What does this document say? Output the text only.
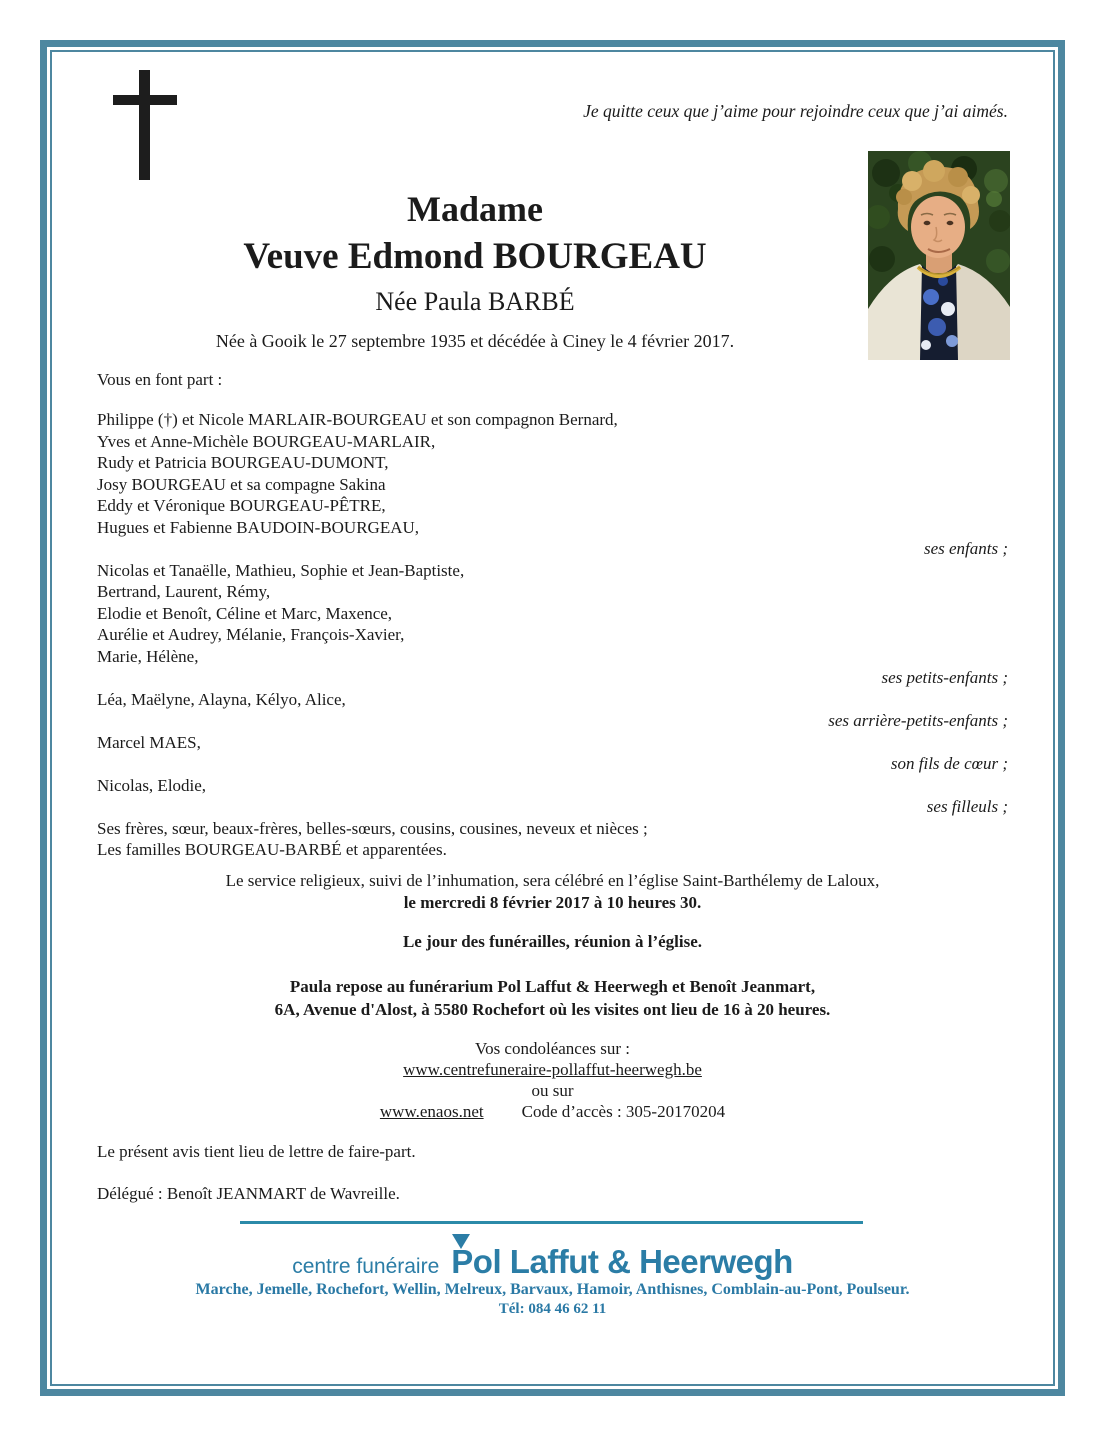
Je quitte ceux que j’aime pour rejoindre ceux que j’ai aimés.
Madame
Veuve Edmond BOURGEAU
Née Paula BARBÉ
Née à Gooik le 27 septembre 1935 et décédée à Ciney le 4 février 2017.
Vous en font part :
Philippe (†) et Nicole MARLAIR-BOURGEAU et son compagnon Bernard,
Yves et Anne-Michèle BOURGEAU-MARLAIR,
Rudy et Patricia BOURGEAU-DUMONT,
Josy BOURGEAU et sa compagne Sakina
Eddy et Véronique BOURGEAU-PÊTRE,
Hugues et Fabienne BAUDOIN-BOURGEAU,
ses enfants ;
Nicolas et Tanaëlle, Mathieu, Sophie et Jean-Baptiste,
Bertrand, Laurent, Rémy,
Elodie et Benoît, Céline et Marc, Maxence,
Aurélie et Audrey, Mélanie, François-Xavier,
Marie, Hélène,
ses petits-enfants ;
Léa, Maëlyne, Alayna, Kélyo, Alice,
ses arrière-petits-enfants ;
Marcel MAES,
son fils de cœur ;
Nicolas, Elodie,
ses filleuls ;
Ses frères, sœur, beaux-frères, belles-sœurs, cousins, cousines, neveux et nièces ;
Les familles BOURGEAU-BARBÉ et apparentées.
Le service religieux, suivi de l’inhumation, sera célébré en l’église Saint-Barthélemy de Laloux,
le mercredi 8 février 2017 à 10 heures 30.
Le jour des funérailles, réunion à l’église.
Paula repose au funérarium Pol Laffut & Heerwegh et Benoît Jeanmart,
6A, Avenue d'Alost, à 5580 Rochefort où les visites ont lieu de 16 à 20 heures.
Vos condoléances sur :
www.centrefuneraire-pollaffut-heerwegh.be
ou sur
www.enaos.net Code d’accès : 305-20170204
Le présent avis tient lieu de lettre de faire-part.
Délégué : Benoît JEANMART de Wavreille.
centre funéraire Pol Laffut & Heerwegh
Marche, Jemelle, Rochefort, Wellin, Melreux, Barvaux, Hamoir, Anthisnes, Comblain-au-Pont, Poulseur.
Tél: 084 46 62 11
